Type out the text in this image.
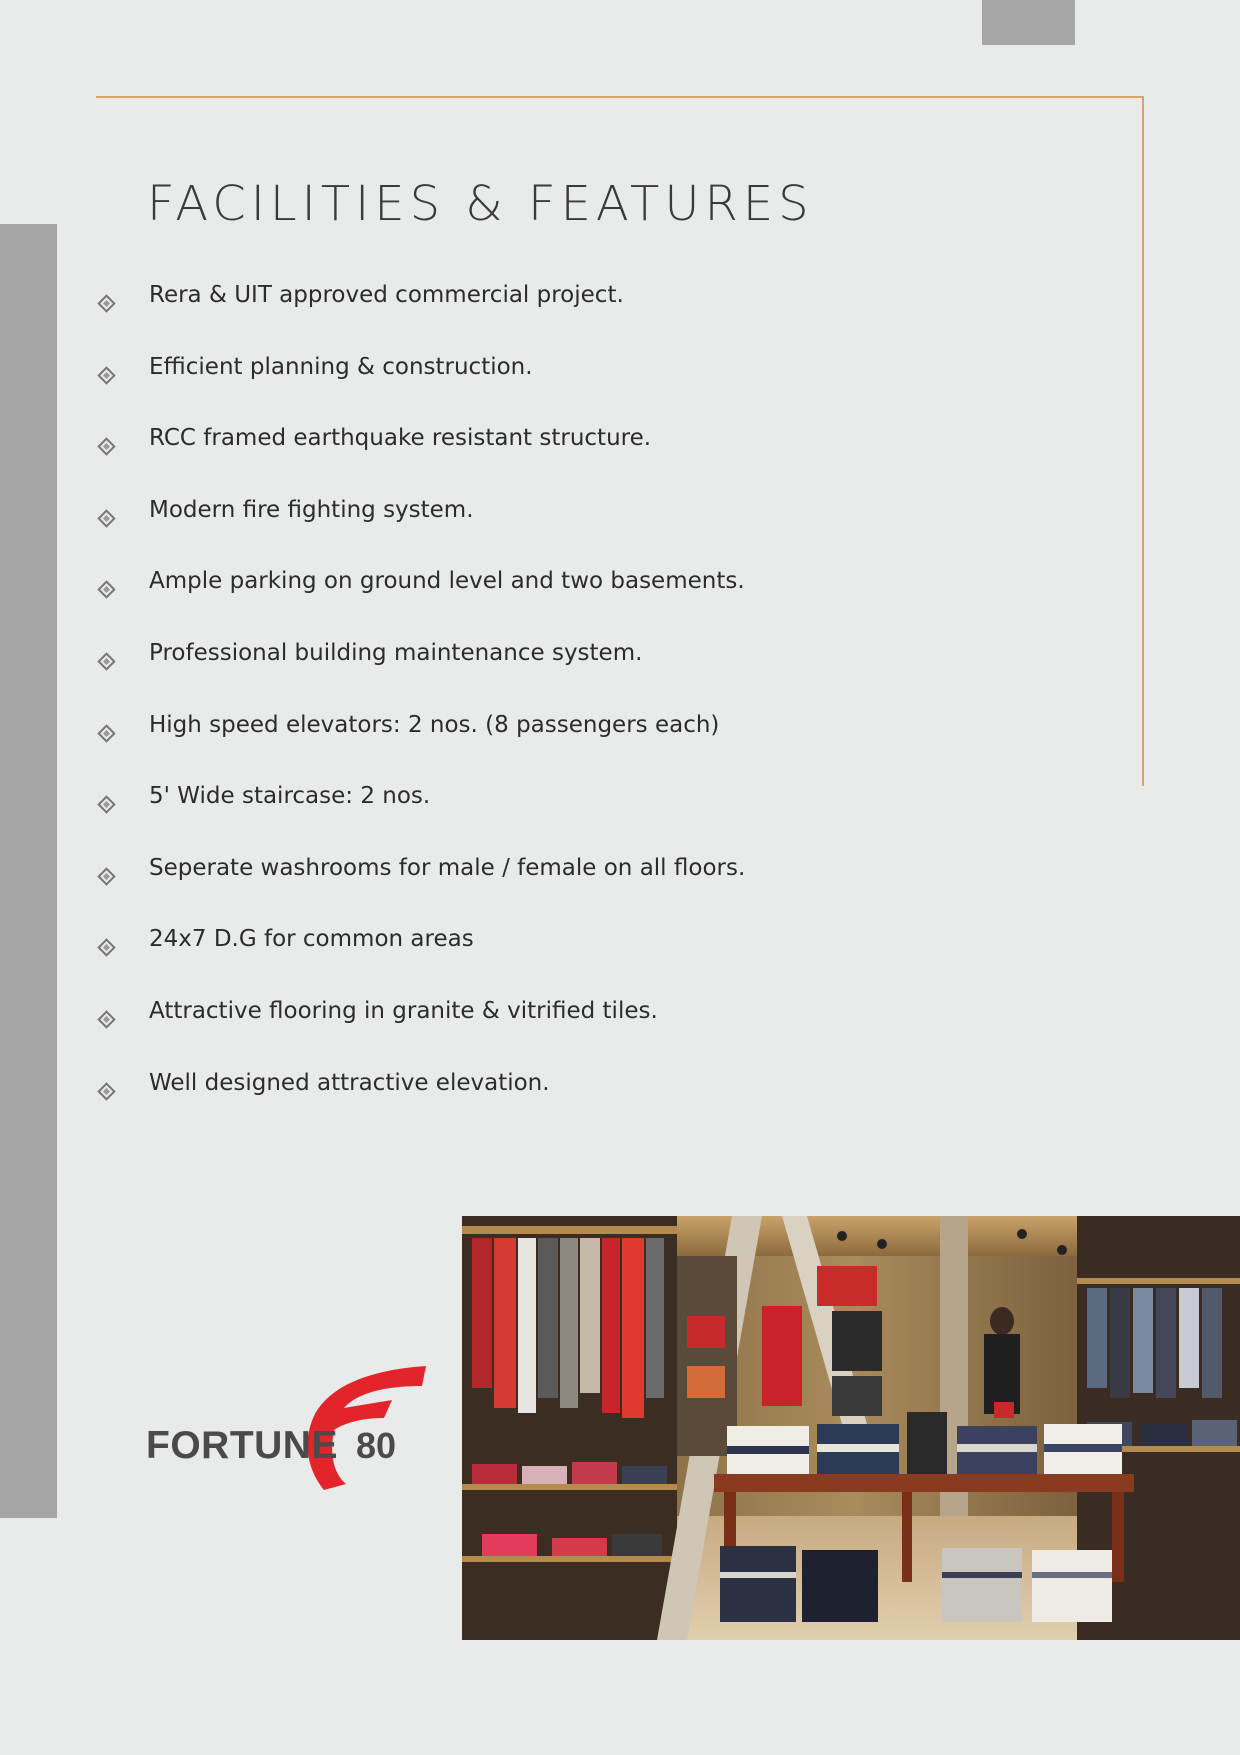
FACILITIES & FEATURES
Rera & UIT approved commercial project.
Efficient planning & construction.
RCC framed earthquake resistant structure.
Modern fire fighting system.
Ample parking on ground level and two basements.
Professional building maintenance system.
High speed elevators: 2 nos. (8 passengers each)
5' Wide staircase: 2 nos.
Seperate washrooms for male / female on all floors.
24x7 D.G for common areas
Attractive flooring in granite & vitrified tiles.
Well designed attractive elevation.
FORTUNE 80
